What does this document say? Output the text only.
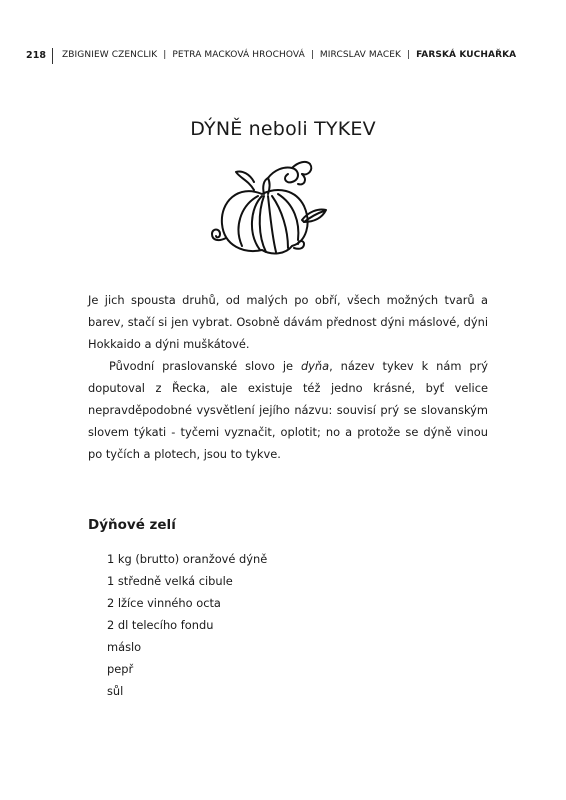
218 ZBIGNIEW CZENCLIK | PETRA MACKOVÁ HROCHOVÁ | MIRCSLAV MACEK | FARSKÁ KUCHAŘKA
DÝNĚ neboli TYKEV

Je jich spousta druhů, od malých po obří, všech možných tvarů a barev, stačí si jen vybrat. Osobně dávám přednost dýni máslové, dýni Hokkaido a dýni muškátové.

Původní praslovanské slovo je dyňa, název tykev k nám prý doputoval z Řecka, ale existuje též jedno krásné, byť velice nepravděpodobné vysvětlení jejího názvu: souvisí prý se slovanským slovem týkati - tyčemi vyznačit, oplotit; no a protože se dýně vinou po tyčích a plotech, jsou to tykve.

Dýňové zelí
1 kg (brutto) oranžové dýně
1 středně velká cibule
2 lžíce vinného octa
2 dl telecího fondu
máslo
pepř
sůl
